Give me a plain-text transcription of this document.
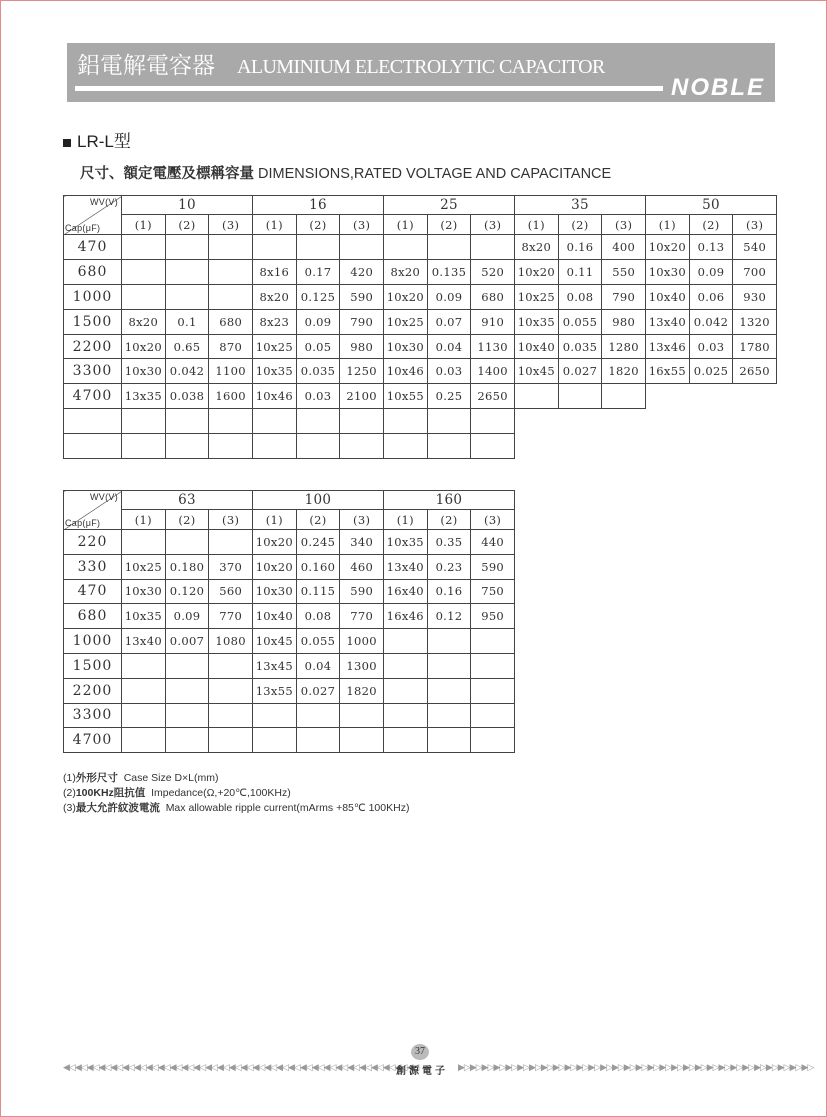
鋁電解電容器 ALUMINIUM ELECTROLYTIC CAPACITOR
NOBLE
LR-L型
尺寸、額定電壓及標稱容量 DIMENSIONS,RATED VOLTAGE AND CAPACITANCE
WV(V)
Cap(μF)	10			16			25			35			50		
	(1)	(2)	(3)	(1)	(2)	(3)	(1)	(2)	(3)	(1)	(2)	(3)	(1)	(2)	(3)
470										8x20	0.16	400	10x20	0.13	540
680				8x16	0.17	420	8x20	0.135	520	10x20	0.11	550	10x30	0.09	700
1000				8x20	0.125	590	10x20	0.09	680	10x25	0.08	790	10x40	0.06	930
1500	8x20	0.1	680	8x23	0.09	790	10x25	0.07	910	10x35	0.055	980	13x40	0.042	1320
2200	10x20	0.65	870	10x25	0.05	980	10x30	0.04	1130	10x40	0.035	1280	13x46	0.03	1780
3300	10x30	0.042	1100	10x35	0.035	1250	10x46	0.03	1400	10x45	0.027	1820	16x55	0.025	2650
4700	13x35	0.038	1600	10x46	0.03	2100	10x55	0.25	2650						

WV(V)
Cap(μF)	63			100			160		
	(1)	(2)	(3)	(1)	(2)	(3)	(1)	(2)	(3)
220				10x20	0.245	340	10x35	0.35	440
330	10x25	0.180	370	10x20	0.160	460	13x40	0.23	590
470	10x30	0.120	560	10x30	0.115	590	16x40	0.16	750
680	10x35	0.09	770	10x40	0.08	770	16x46	0.12	950
1000	13x40	0.007	1080	10x45	0.055	1000			
1500				13x45	0.04	1300			
2200				13x55	0.027	1820			
3300									
4700									
(1)外形尺寸 Case Size D×L(mm)
(2)100KHz阻抗值 Impedance(Ω,+20℃,100KHz)
(3)最大允許紋波電流 Max allowable ripple current(mArms +85℃ 100KHz)
37
◀◁◀◁◀◁◀◁◀◁◀◁◀◁◀◁◀◁◀◁◀◁◀◁◀◁◀◁◀◁◀◁◀◁◀◁◀◁◀◁◀◁◀◁◀◁◀◁◀◁◀◁◀◁◀◁◀◁◀◁
創源電子 ▶▷▶▷▶▷▶▷▶▷▶▷▶▷▶▷▶▷▶▷▶▷▶▷▶▷▶▷▶▷▶▷▶▷▶▷▶▷▶▷▶▷▶▷▶▷▶▷▶▷▶▷▶▷▶▷▶▷▶▷
